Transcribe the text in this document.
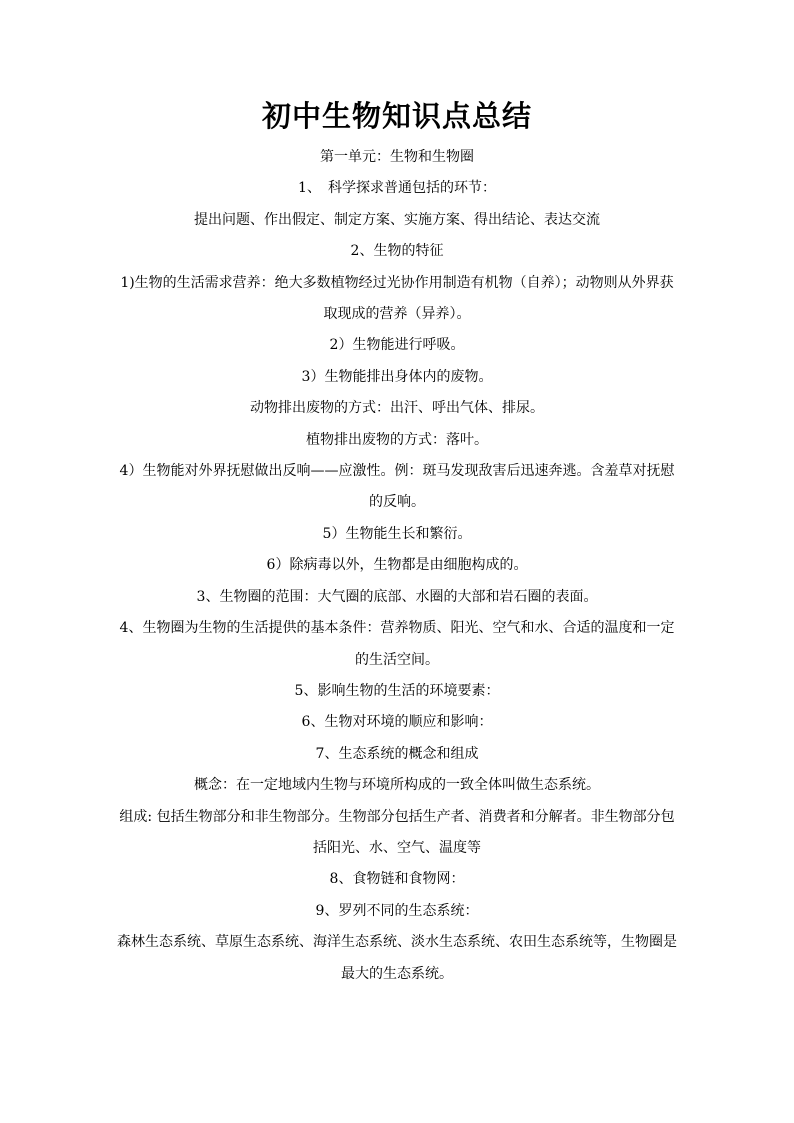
初中生物知识点总结
第一单元：生物和生物圈
1、　科学探求普通包括的环节：
提出问题、作出假定、制定方案、实施方案、得出结论、表达交流
2、生物的特征
1)生物的生活需求营养：绝大多数植物经过光协作用制造有机物（自养）；动物则从外界获
取现成的营养（异养）。
2）生物能进行呼吸。
3）生物能排出身体内的废物。
动物排出废物的方式：出汗、呼出气体、排尿。
植物排出废物的方式：落叶。
4）生物能对外界抚慰做出反响——应激性。例：斑马发现敌害后迅速奔逃。含羞草对抚慰
的反响。
5）生物能生长和繁衍。
6）除病毒以外，生物都是由细胞构成的。
3、生物圈的范围：大气圈的底部、水圈的大部和岩石圈的表面。
4、生物圈为生物的生活提供的基本条件：营养物质、阳光、空气和水、合适的温度和一定
的生活空间。
5、影响生物的生活的环境要素：
6、生物对环境的顺应和影响：
7、生态系统的概念和组成
概念：在一定地域内生物与环境所构成的一致全体叫做生态系统。
组成: 包括生物部分和非生物部分。生物部分包括生产者、消费者和分解者。非生物部分包
括阳光、水、空气、温度等
8、食物链和食物网：
9、罗列不同的生态系统：
森林生态系统、草原生态系统、海洋生态系统、淡水生态系统、农田生态系统等，生物圈是
最大的生态系统。
